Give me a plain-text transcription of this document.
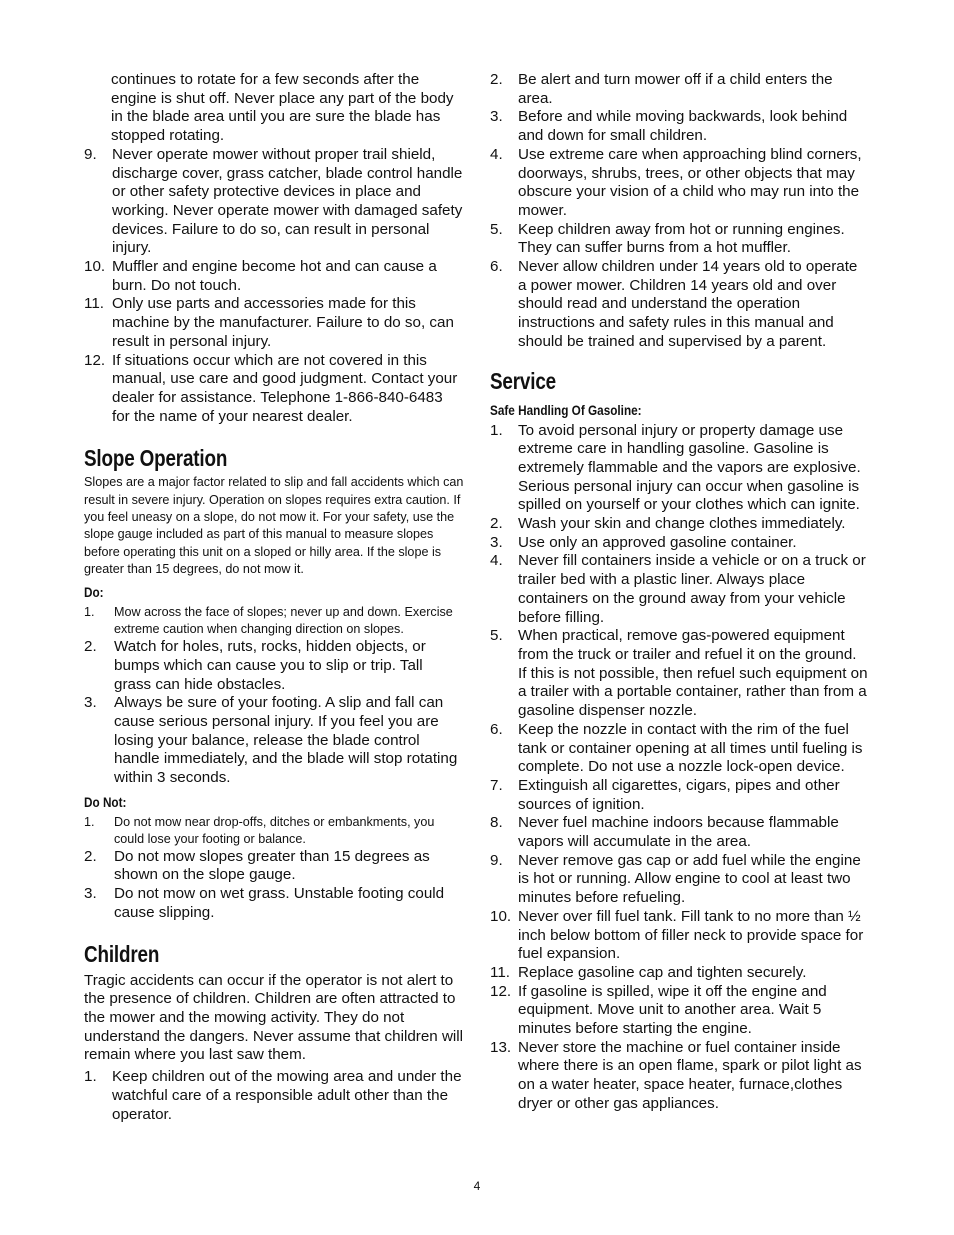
continues to rotate for a few seconds after the engine is shut off. Never place any part of the body in the blade area until you are sure the blade has stopped rotating.

9. Never operate mower without proper trail shield, discharge cover, grass catcher, blade control handle or other safety protective devices in place and working. Never operate mower with damaged safety devices. Failure to do so, can result in personal injury.
10. Muffler and engine become hot and can cause a burn. Do not touch.
11. Only use parts and accessories made for this machine by the manufacturer. Failure to do so, can result in personal injury.
12. If situations occur which are not covered in this manual, use care and good judgment. Contact your dealer for assistance. Telephone 1-866-840-6483 for the name of your nearest dealer.
Slope Operation

Slopes are a major factor related to slip and fall accidents which can result in severe injury. Operation on slopes requires extra caution. If you feel uneasy on a slope, do not mow it. For your safety, use the slope gauge included as part of this manual to measure slopes before operating this unit on a sloped or hilly area. If the slope is greater than 15 degrees, do not mow it.

Do:
1. Mow across the face of slopes; never up and down. Exercise extreme caution when changing direction on slopes.
2. Watch for holes, ruts, rocks, hidden objects, or bumps which can cause you to slip or trip. Tall grass can hide obstacles.
3. Always be sure of your footing. A slip and fall can cause serious personal injury. If you feel you are losing your balance, release the blade control handle immediately, and the blade will stop rotating within 3 seconds.
Do Not:
1. Do not mow near drop-offs, ditches or embankments, you could lose your footing or balance.
2. Do not mow slopes greater than 15 degrees as shown on the slope gauge.
3. Do not mow on wet grass. Unstable footing could cause slipping.
Children

Tragic accidents can occur if the operator is not alert to the presence of children. Children are often attracted to the mower and the mowing activity. They do not understand the dangers. Never assume that children will remain where you last saw them.

1. Keep children out of the mowing area and under the watchful care of a responsible adult other than the operator.
2. Be alert and turn mower off if a child enters the area.
3. Before and while moving backwards, look behind and down for small children.
4. Use extreme care when approaching blind corners, doorways, shrubs, trees, or other objects that may obscure your vision of a child who may run into the mower.
5. Keep children away from hot or running engines. They can suffer burns from a hot muffler.
6. Never allow children under 14 years old to operate a power mower. Children 14 years old and over should read and understand the operation instructions and safety rules in this manual and should be trained and supervised by a parent.
Service
Safe Handling Of Gasoline:
1. To avoid personal injury or property damage use extreme care in handling gasoline. Gasoline is extremely flammable and the vapors are explosive. Serious personal injury can occur when gasoline is spilled on yourself or your clothes which can ignite.
2. Wash your skin and change clothes immediately.
3. Use only an approved gasoline container.
4. Never fill containers inside a vehicle or on a truck or trailer bed with a plastic liner. Always place containers on the ground away from your vehicle before filling.
5. When practical, remove gas-powered equipment from the truck or trailer and refuel it on the ground. If this is not possible, then refuel such equipment on a trailer with a portable container, rather than from a gasoline dispenser nozzle.
6. Keep the nozzle in contact with the rim of the fuel tank or container opening at all times until fueling is complete. Do not use a nozzle lock-open device.
7. Extinguish all cigarettes, cigars, pipes and other sources of ignition.
8. Never fuel machine indoors because flammable vapors will accumulate in the area.
9. Never remove gas cap or add fuel while the engine is hot or running. Allow engine to cool at least two minutes before refueling.
10. Never over fill fuel tank. Fill tank to no more than ½ inch below bottom of filler neck to provide space for fuel expansion.
11. Replace gasoline cap and tighten securely.
12. If gasoline is spilled, wipe it off the engine and equipment. Move unit to another area. Wait 5 minutes before starting the engine.
13. Never store the machine or fuel container inside where there is an open flame, spark or pilot light as on a water heater, space heater, furnace,clothes dryer or other gas appliances.
4
